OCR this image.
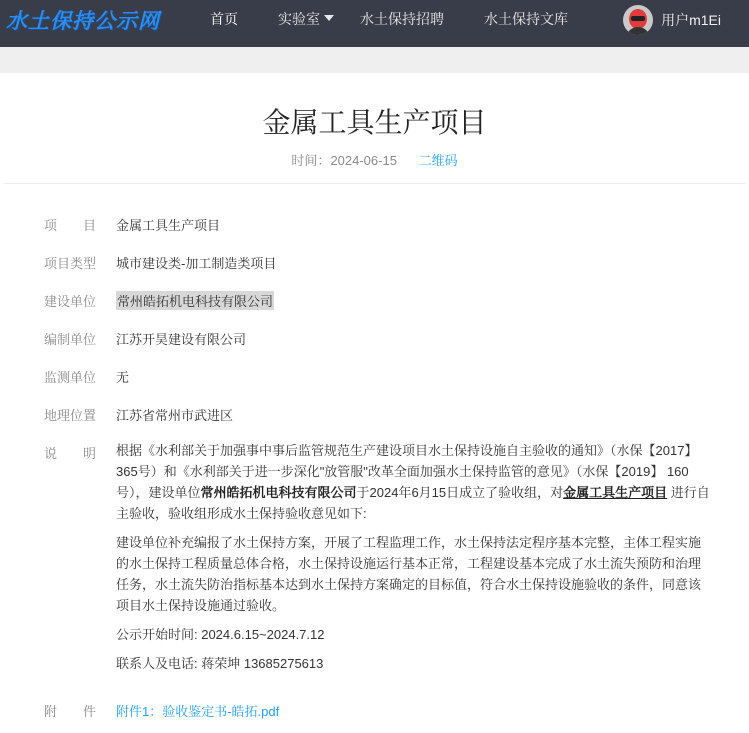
水土保持公示网	首页	实验室	水土保持招聘	水土保持文库	用户m1Ei
金属工具生产项目
时间：2024-06-15 二维码
项 目	金属工具生产项目
项目类型	城市建设类-加工制造类项目
建设单位	常州皓拓机电科技有限公司
编制单位	江苏开昊建设有限公司
监测单位	无
地理位置	江苏省常州市武进区
说 明	根据《水利部关于加强事中事后监管规范生产建设项目水土保持设施自主验收的通知》（水保【2017】365号）和《水利部关于进一步深化"放管服"改革全面加强水土保持监管的意见》（水保【2019】 160号），建设单位常州皓拓机电科技有限公司于2024年6月15日成立了验收组，对金属工具生产项目 进行自主验收，验收组形成水土保持验收意见如下:

建设单位补充编报了水土保持方案，开展了工程监理工作，水土保持法定程序基本完整，主体工程实施的水土保持工程质量总体合格，水土保持设施运行基本正常，工程建设基本完成了水土流失预防和治理任务，水土流失防治指标基本达到水土保持方案确定的目标值，符合水土保持设施验收的条件，同意该项目水土保持设施通过验收。

公示开始时间: 2024.6.15~2024.7.12

联系人及电话: 蒋荣坤 13685275613

附 件	附件1：验收鉴定书-皓拓.pdf
